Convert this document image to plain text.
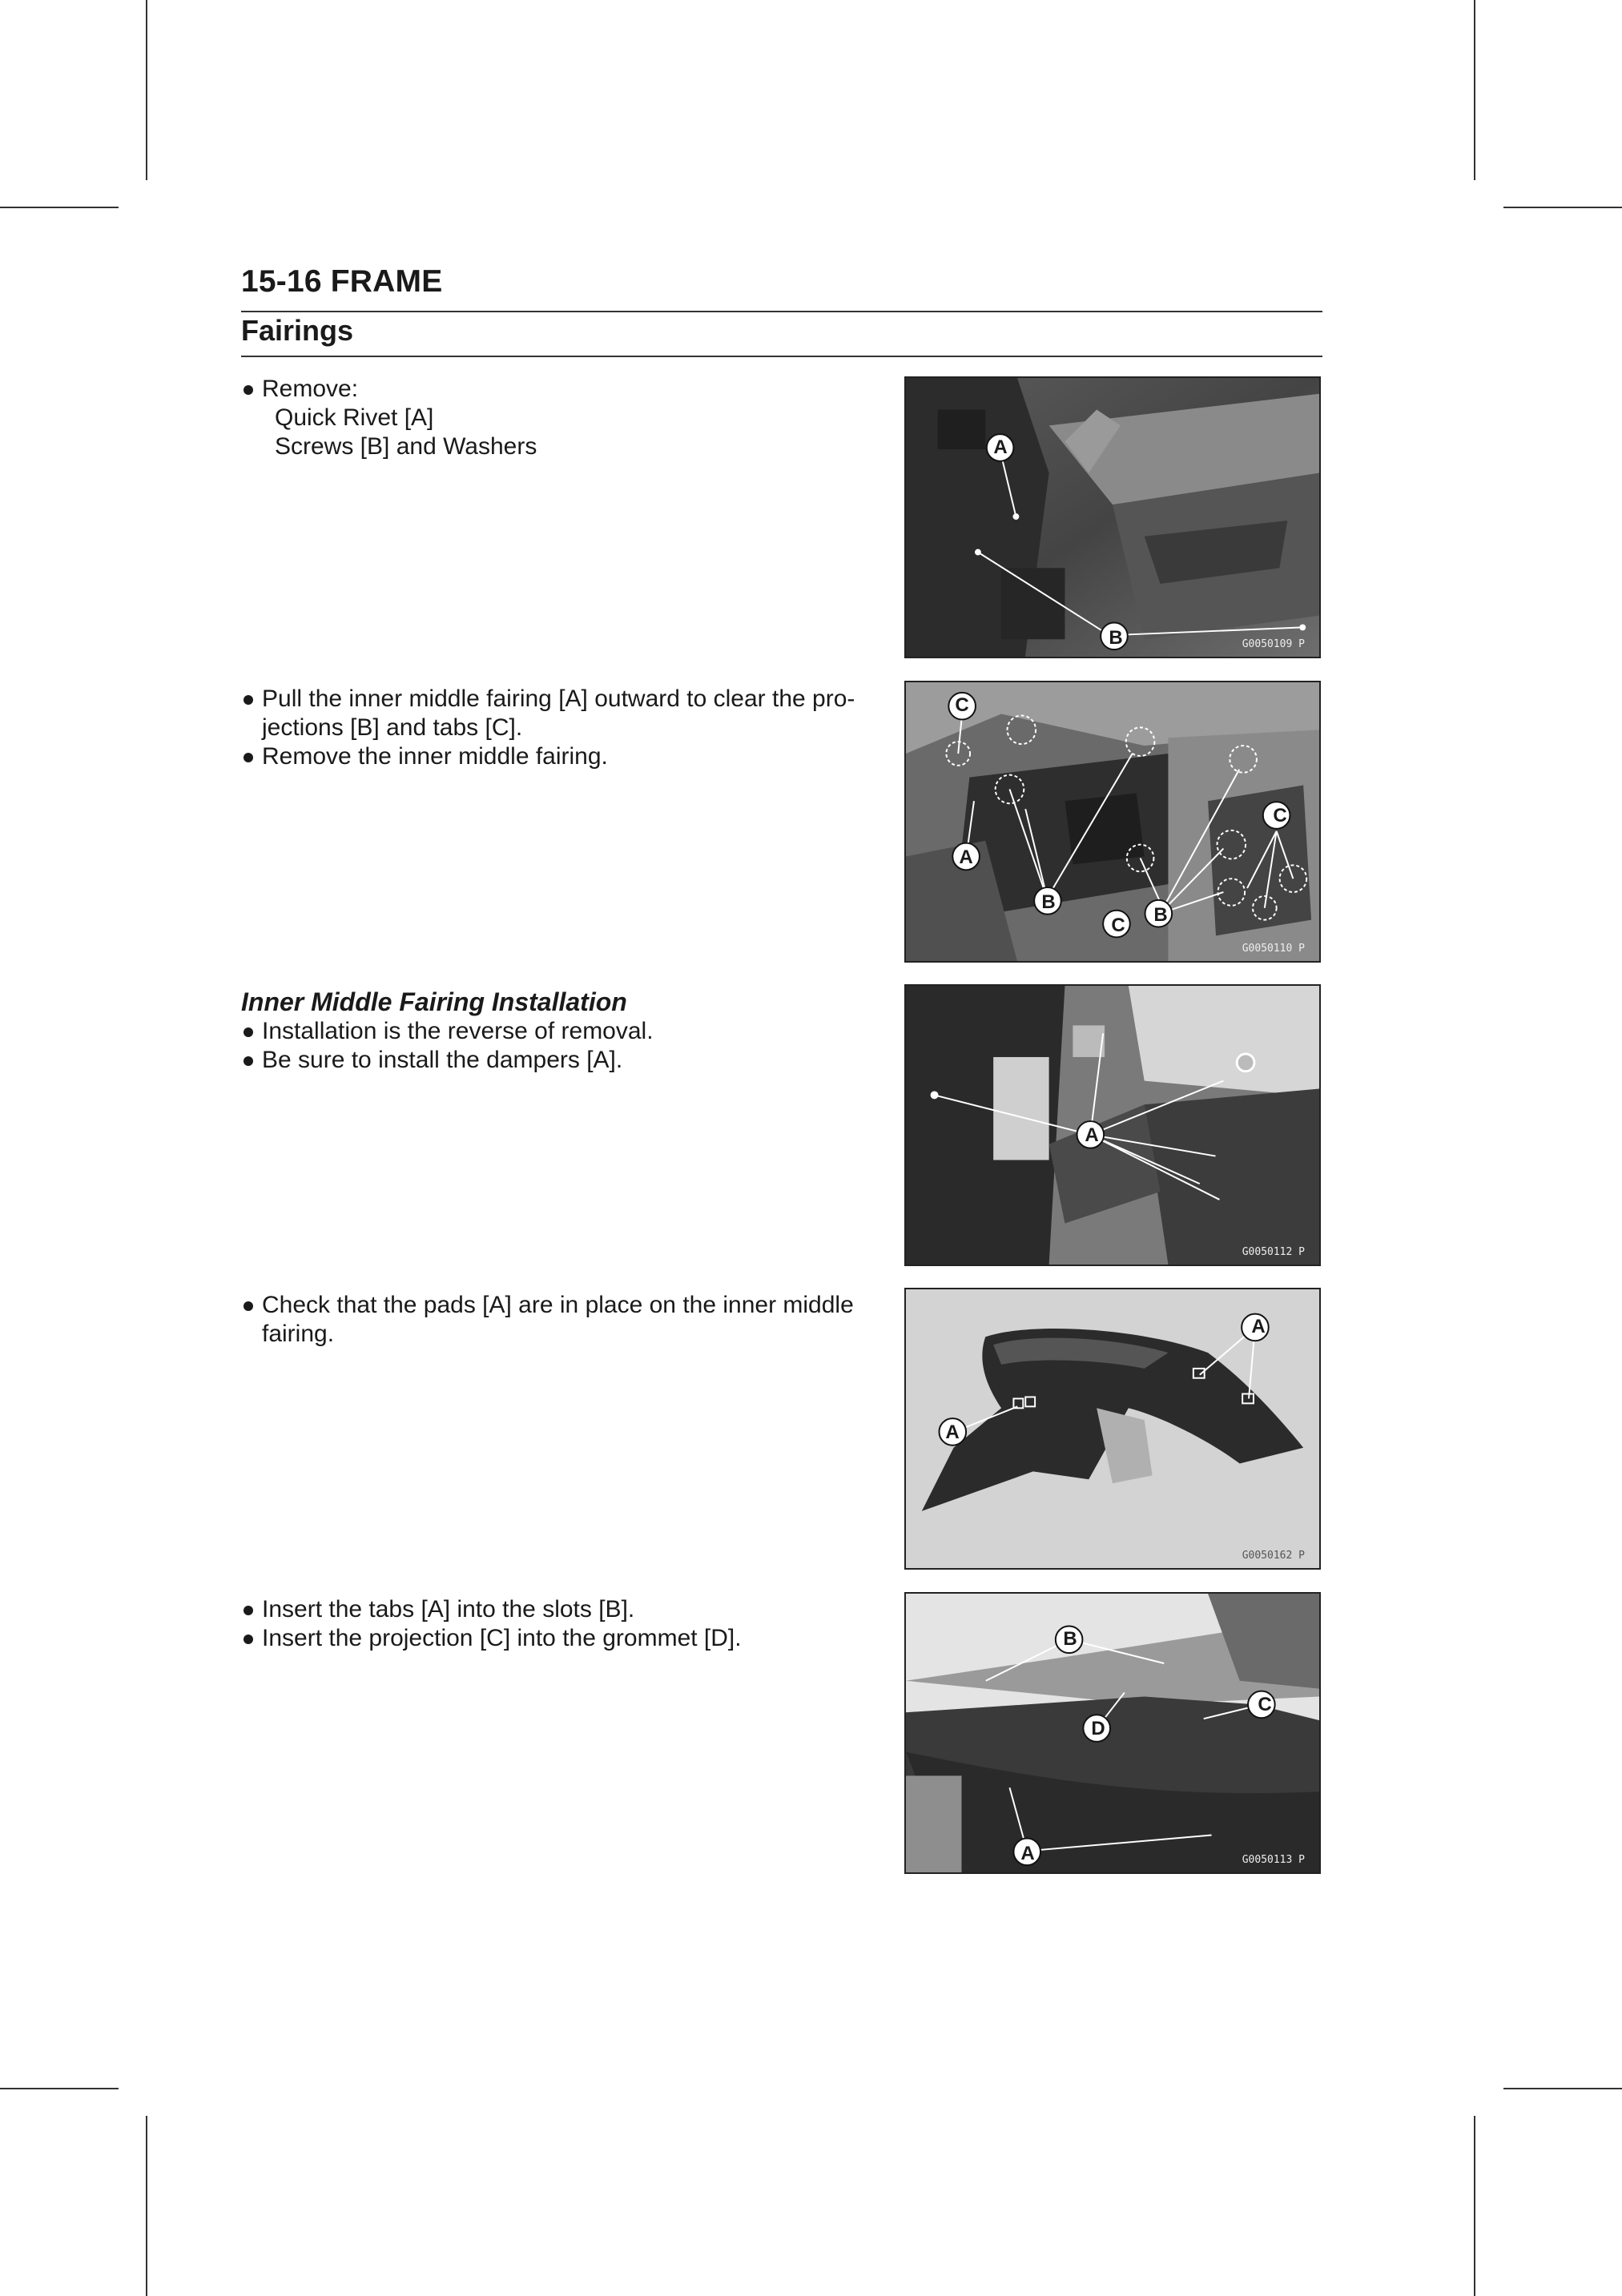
15-16 FRAME
Fairings
Remove:
Quick Rivet [A]
Screws [B] and Washers	A
B	G0050109 P
Pull the inner middle fairing [A] outward to clear the pro-jections [B] and tabs [C].
Remove the inner middle fairing.
C
A
B
C B
C
G0050110 P
Inner Middle Fairing Installation
Installation is the reverse of removal.
Be sure to install the dampers [A].
A
G0050112 P
Check that the pads [A] are in place on the inner middle fairing.	A
A
G0050162 P
Insert the tabs [A] into the slots [B].
Insert the projection [C] into the grommet [D].	B
D
C
A	G0050113 P
